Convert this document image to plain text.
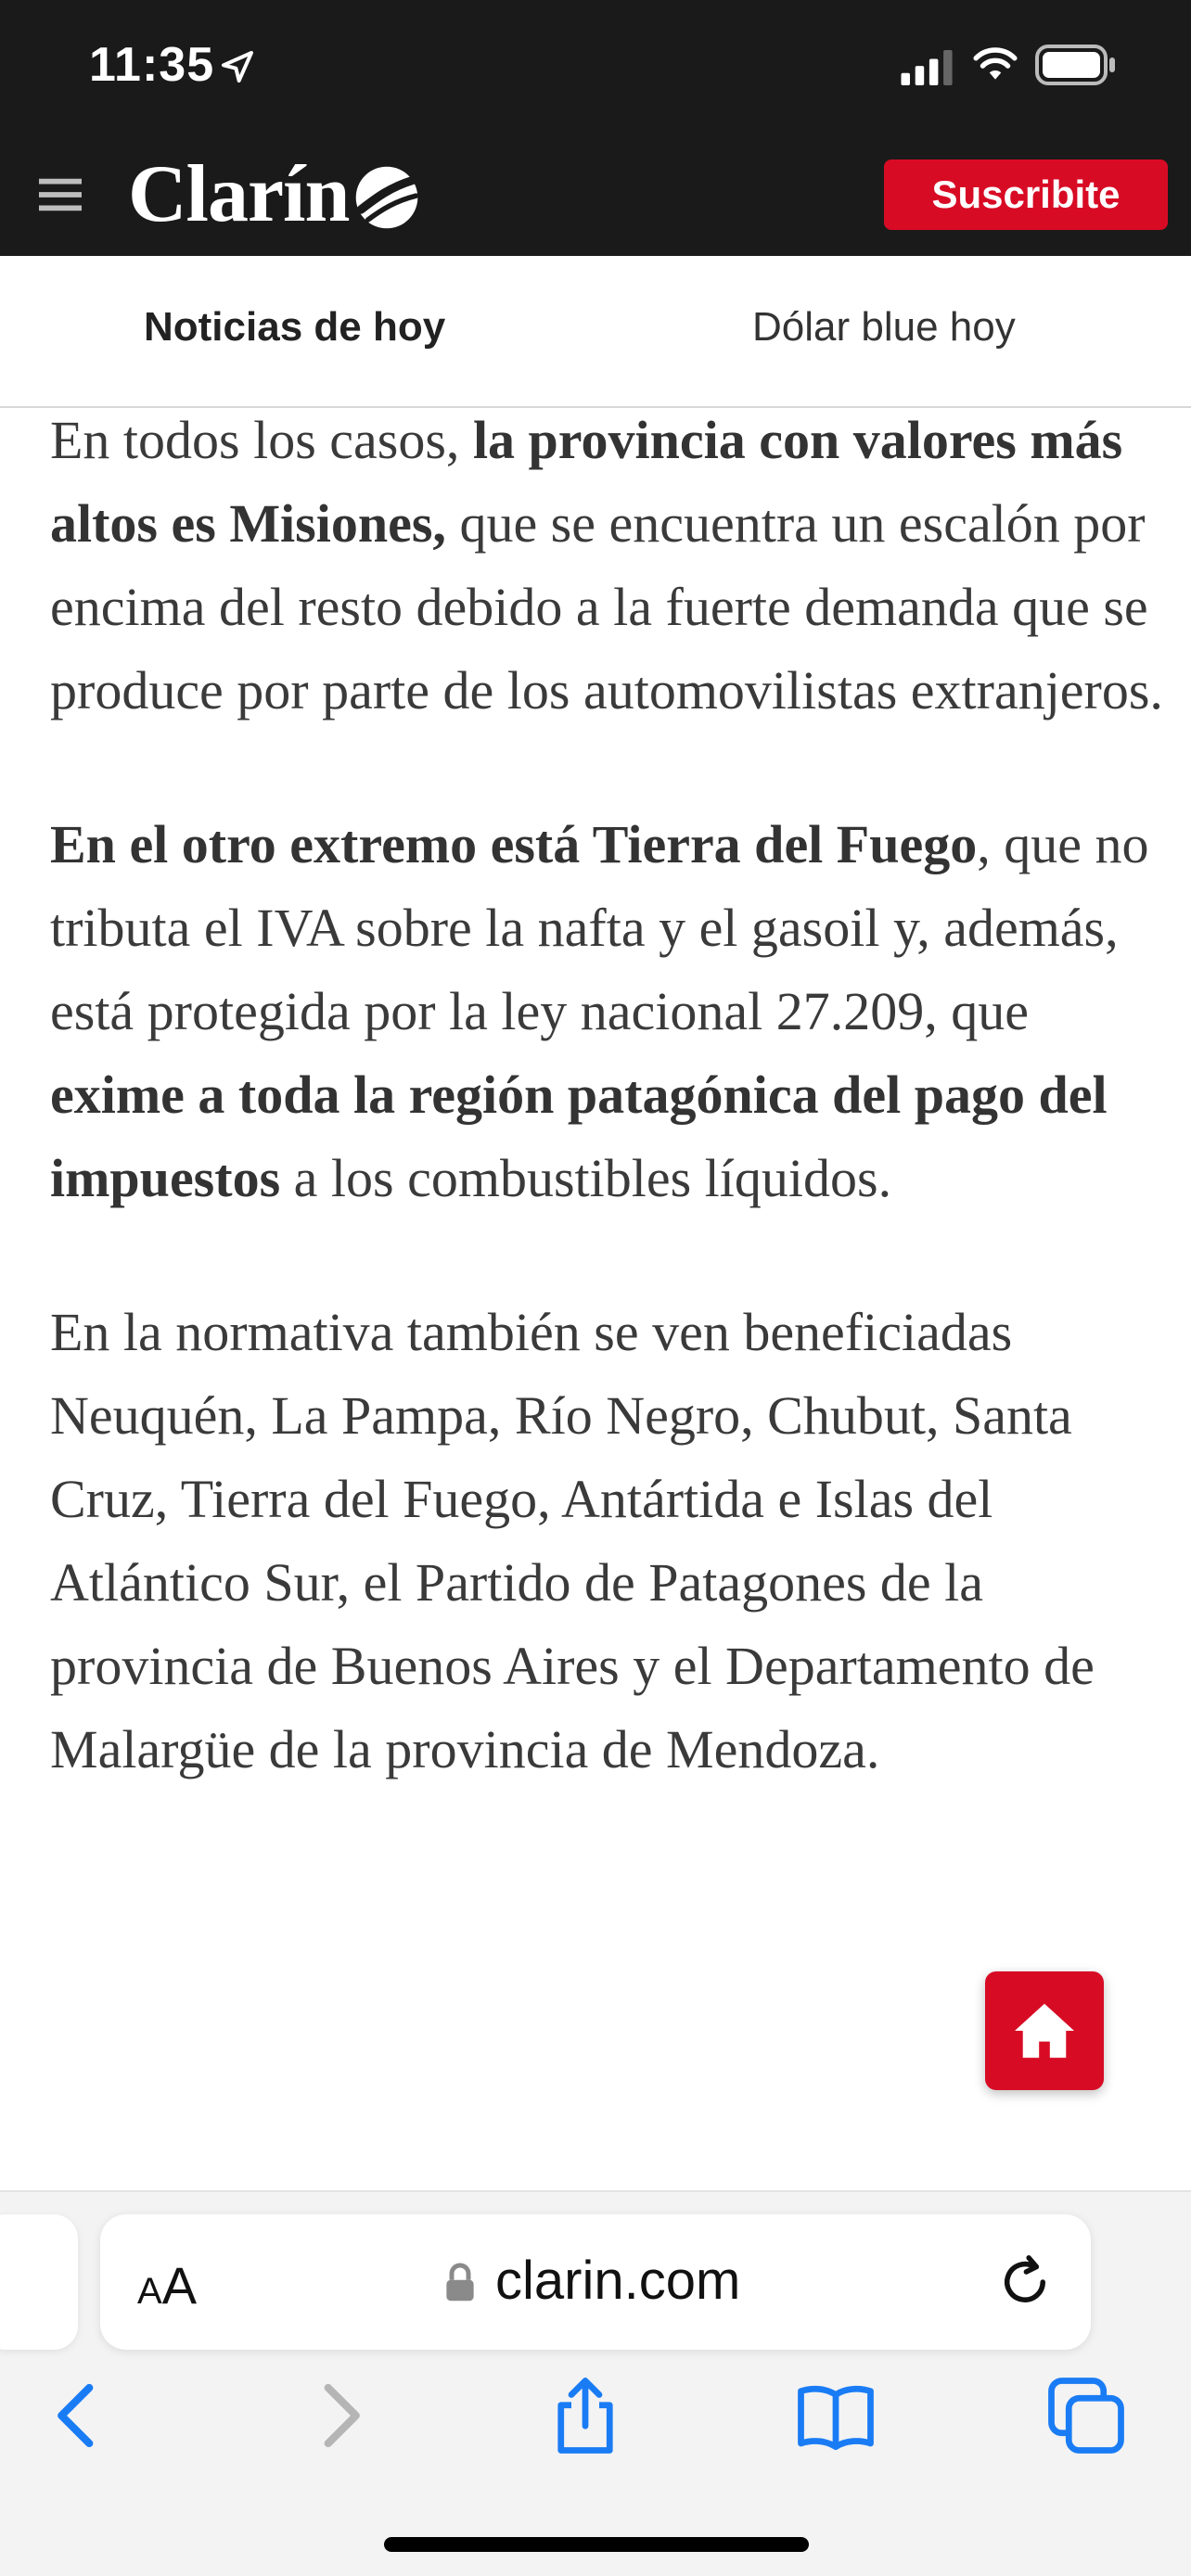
11:35
Clarín	Suscribite
Noticias de hoy	Dólar blue hoy

En todos los casos, la provincia con valores más altos es Misiones, que se encuentra un escalón por encima del resto debido a la fuerte demanda que se produce por parte de los automovilistas extranjeros.

En el otro extremo está Tierra del Fuego, que no tributa el IVA sobre la nafta y el gasoil y, además, está protegida por la ley nacional 27.209, que exime a toda la región patagónica del pago del impuestos a los combustibles líquidos.

En la normativa también se ven beneficiadas Neuquén, La Pampa, Río Negro, Chubut, Santa Cruz, Tierra del Fuego, Antártida e Islas del Atlántico Sur, el Partido de Patagones de la provincia de Buenos Aires y el Departamento de Malargüe de la provincia de Mendoza.

AA	clarin.com
